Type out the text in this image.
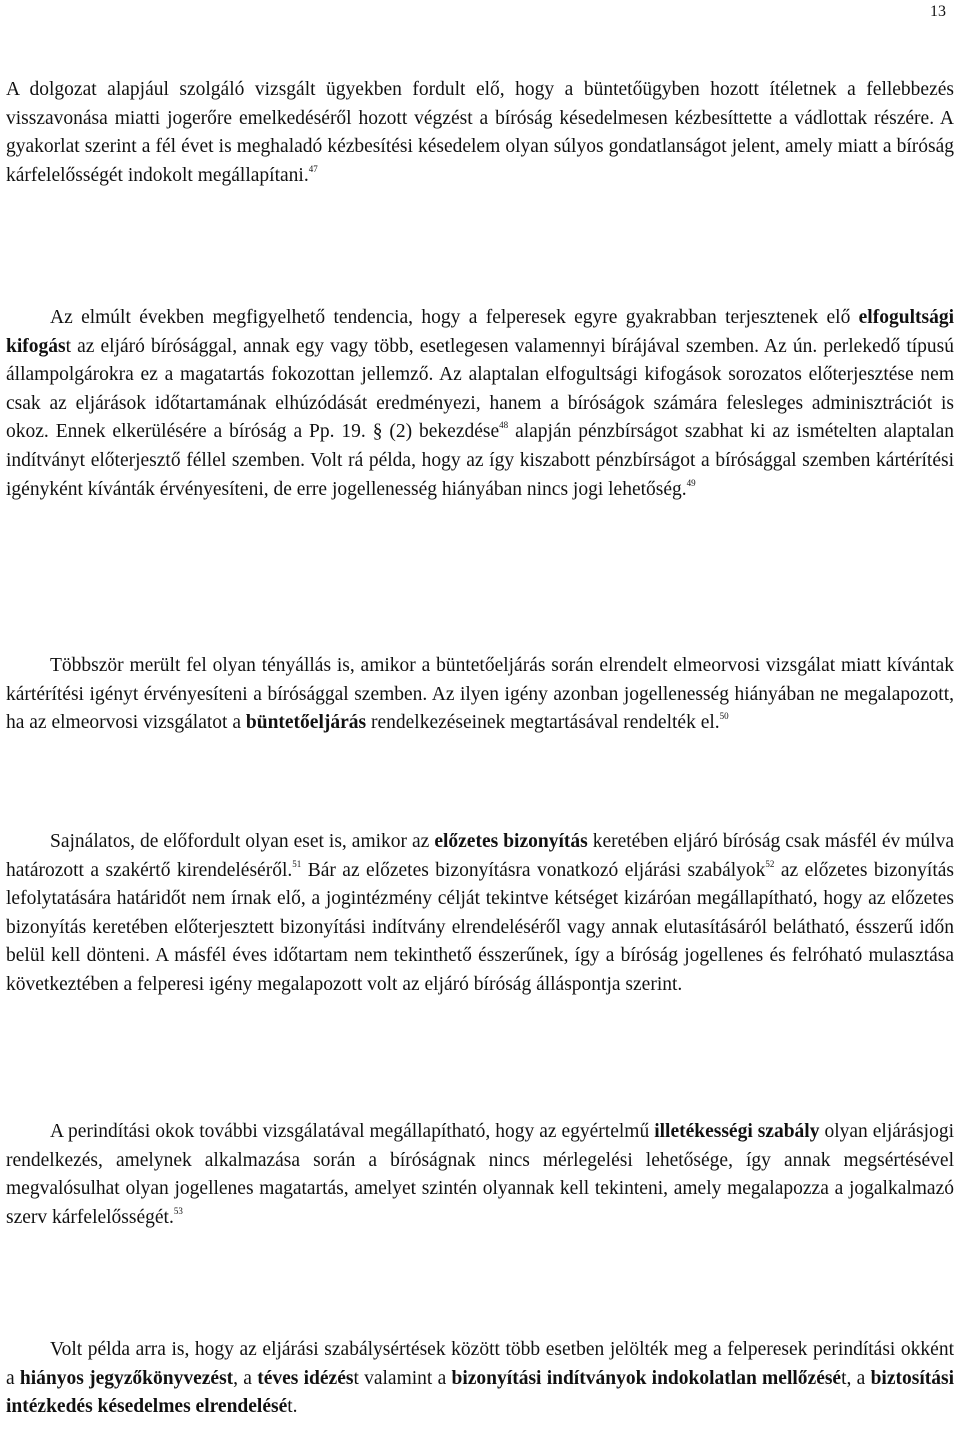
13

A dolgozat alapjául szolgáló vizsgált ügyekben fordult elő, hogy a büntetőügyben hozott ítéletnek a fellebbezés visszavonása miatti jogerőre emelkedéséről hozott végzést a bíróság késedelmesen kézbesíttette a vádlottak részére. A gyakorlat szerint a fél évet is meghaladó kézbesítési késedelem olyan súlyos gondatlanságot jelent, amely miatt a bíróság kárfelelősségét indokolt megállapítani.$^{47}$

Az elmúlt években megfigyelhető tendencia, hogy a felperesek egyre gyakrabban terjesztenek elő elfogultsági kifogást az eljáró bírósággal, annak egy vagy több, esetlegesen valamennyi bírájával szemben. Az ún. perlekedő típusú állampolgárokra ez a magatartás fokozottan jellemző. Az alaptalan elfogultsági kifogások sorozatos előterjesztése nem csak az eljárások időtartamának elhúzódását eredményezi, hanem a bíróságok számára felesleges adminisztrációt is okoz. Ennek elkerülésére a bíróság a Pp. 19. § (2) bekezdése$^{48}$ alapján pénzbírságot szabhat ki az ismételten alaptalan indítványt előterjesztő féllel szemben. Volt rá példa, hogy az így kiszabott pénzbírságot a bírósággal szemben kártérítési igényként kívánták érvényesíteni, de erre jogellenesség hiányában nincs jogi lehetőség.$^{49}$

Többször merült fel olyan tényállás is, amikor a büntetőeljárás során elrendelt elmeorvosi vizsgálat miatt kívántak kártérítési igényt érvényesíteni a bírósággal szemben. Az ilyen igény azonban jogellenesség hiányában ne megalapozott, ha az elmeorvosi vizsgálatot a büntetőeljárás rendelkezéseinek megtartásával rendelték el.$^{50}$

Sajnálatos, de előfordult olyan eset is, amikor az előzetes bizonyítás keretében eljáró bíróság csak másfél év múlva határozott a szakértő kirendeléséről.$^{51}$ Bár az előzetes bizonyításra vonatkozó eljárási szabályok$^{52}$ az előzetes bizonyítás lefolytatására határidőt nem írnak elő, a jogintézmény célját tekintve kétséget kizáróan megállapítható, hogy az előzetes bizonyítás keretében előterjesztett bizonyítási indítvány elrendeléséről vagy annak elutasításáról belátható, ésszerű időn belül kell dönteni. A másfél éves időtartam nem tekinthető ésszerűnek, így a bíróság jogellenes és felróható mulasztása következtében a felperesi igény megalapozott volt az eljáró bíróság álláspontja szerint.

A perindítási okok további vizsgálatával megállapítható, hogy az egyértelmű illetékességi szabály olyan eljárásjogi rendelkezés, amelynek alkalmazása során a bíróságnak nincs mérlegelési lehetősége, így annak megsértésével megvalósulhat olyan jogellenes magatartás, amelyet szintén olyannak kell tekinteni, amely megalapozza a jogalkalmazó szerv kárfelelősségét.$^{53}$

Volt példa arra is, hogy az eljárási szabálysértések között több esetben jelölték meg a felperesek perindítási okként a hiányos jegyzőkönyvezést, a téves idézést valamint a bizonyítási indítványok indokolatlan mellőzését, a biztosítási intézkedés késedelmes elrendelését.
